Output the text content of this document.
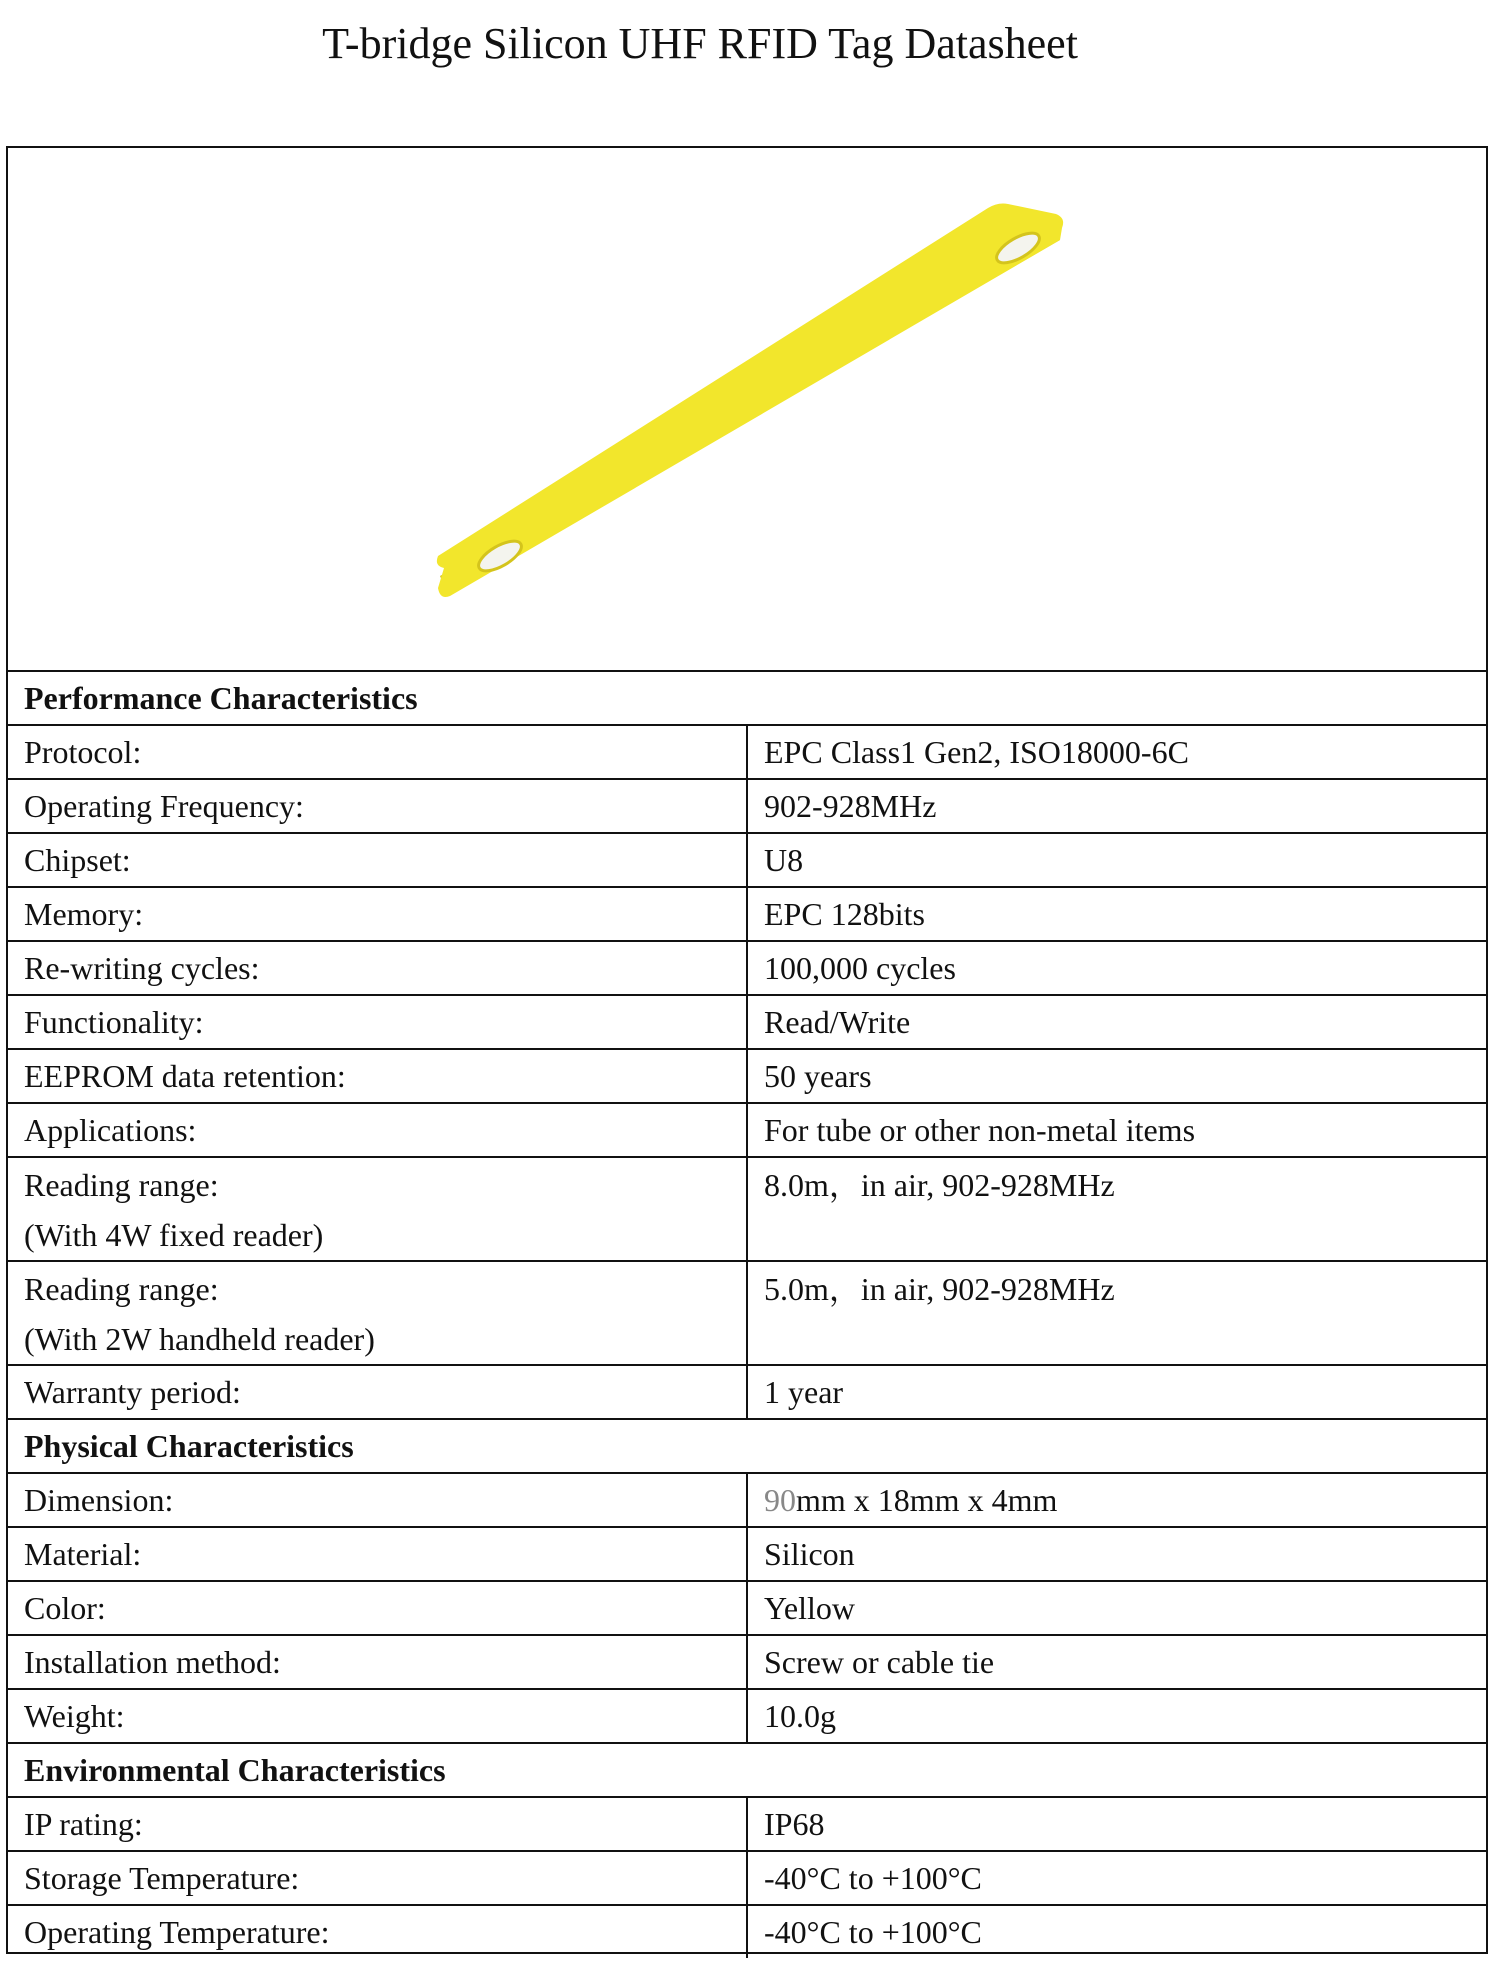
T-bridge Silicon UHF RFID Tag Datasheet
Performance Characteristics	

Protocol:	EPC Class1 Gen2, ISO18000-6C

Operating Frequency:	902-928MHz

Chipset:	U8

Memory:	EPC 128bits

Re-writing cycles:	100,000 cycles

Functionality:	Read/Write

EEPROM data retention:	50 years

Applications:	For tube or other non-metal items

Reading range:
(With 4W fixed reader)	8.0m，in air, 902-928MHz

Reading range:
(With 2W handheld reader)	5.0m，in air, 902-928MHz

Warranty period:	1 year
Physical Characteristics	

Dimension:	90mm x 18mm x 4mm

Material:	Silicon

Color:	Yellow

Installation method:	Screw or cable tie

Weight:	10.0g
Environmental Characteristics	

IP rating:	IP68

Storage Temperature:	-40°C to +100°C

Operating Temperature:	-40°C to +100°C
